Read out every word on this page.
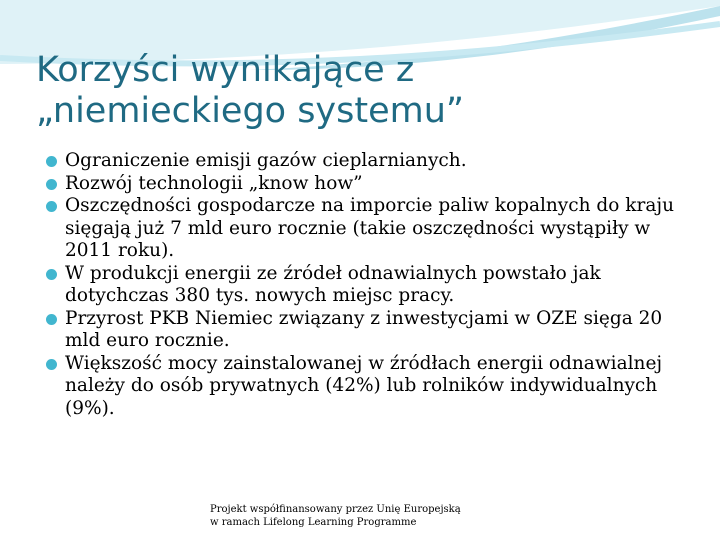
Korzyści wynikające z
„niemieckiego systemu”
Ograniczenie emisji gazów cieplarnianych.
Rozwój technologii „know how”
Oszczędności gospodarcze na imporcie paliw kopalnych do kraju sięgają już 7 mld euro rocznie (takie oszczędności wystąpiły w 2011 roku).
W produkcji energii ze źródeł odnawialnych powstało jak dotychczas 380 tys. nowych miejsc pracy.
Przyrost PKB Niemiec związany z inwestycjami w OZE sięga 20 mld euro rocznie.
Większość mocy zainstalowanej w źródłach energii odnawialnej należy do osób prywatnych (42%) lub rolników indywidualnych (9%).
Projekt współfinansowany przez Unię Europejską
w ramach Lifelong Learning Programme
